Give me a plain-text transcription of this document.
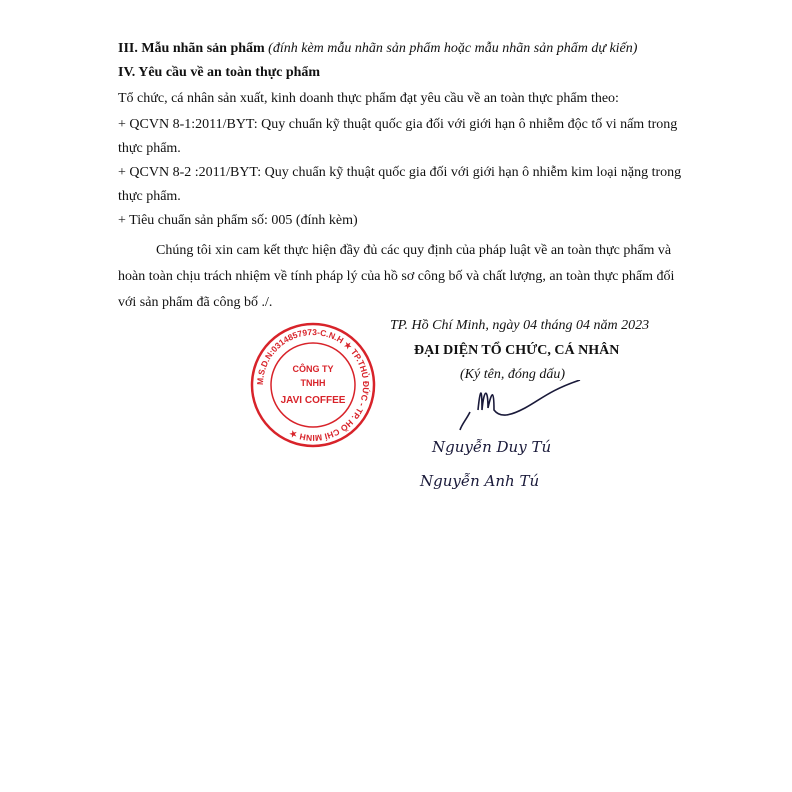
III. Mẫu nhãn sản phẩm (đính kèm mẫu nhãn sản phẩm hoặc mẫu nhãn sản phẩm dự kiến)
IV. Yêu cầu về an toàn thực phẩm
Tổ chức, cá nhân sản xuất, kinh doanh thực phẩm đạt yêu cầu về an toàn thực phẩm theo:
+ QCVN 8-1:2011/BYT: Quy chuẩn kỹ thuật quốc gia đối với giới hạn ô nhiễm độc tố vi nấm trong
thực phẩm.
+ QCVN 8-2 :2011/BYT: Quy chuẩn kỹ thuật quốc gia đối với giới hạn ô nhiễm kim loại nặng trong
thực phẩm.
+ Tiêu chuẩn sản phẩm số: 005 (đính kèm)
Chúng tôi xin cam kết thực hiện đầy đủ các quy định của pháp luật về an toàn thực phẩm và
hoàn toàn chịu trách nhiệm về tính pháp lý của hồ sơ công bố và chất lượng, an toàn thực phẩm đối
với sản phẩm đã công bố ./.
TP. Hồ Chí Minh, ngày 04 tháng 04 năm 2023
ĐẠI DIỆN TỔ CHỨC, CÁ NHÂN
(Ký tên, đóng dấu)
M.S.D.N:0314857973-C.N.H ★ TP.THỦ ĐỨC - TP. HỒ CHÍ MINH ★
CÔNG TY
TNHH
JAVI COFFEE
Nguyễn Duy Tú
Nguyễn Anh Tú
